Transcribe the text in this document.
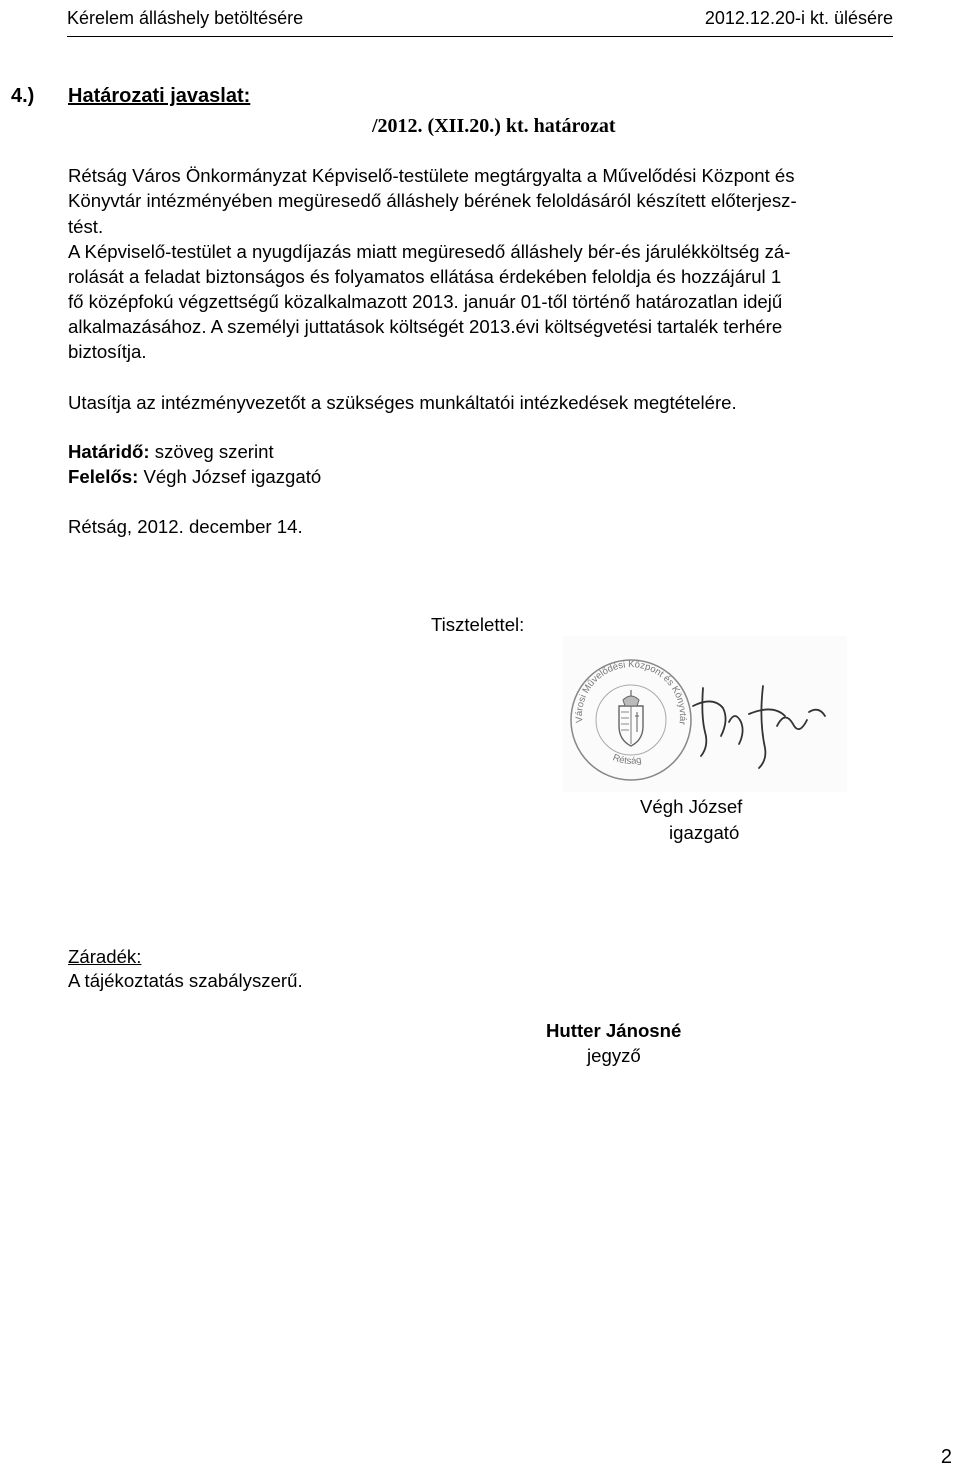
Kérelem álláshely betöltésére	2012.12.20-i kt. ülésére
4.) Határozati javaslat:
/2012. (XII.20.) kt. határozat
Rétság Város Önkormányzat Képviselő-testülete megtárgyalta a Művelődési Központ és
Könyvtár intézményében megüresedő álláshely bérének feloldásáról készített előterjesz-
tést.
A Képviselő-testület a nyugdíjazás miatt megüresedő álláshely bér-és járulékköltség zá-
rolását a feladat biztonságos és folyamatos ellátása érdekében feloldja és hozzájárul 1
fő középfokú végzettségű közalkalmazott 2013. január 01-től történő határozatlan idejű
alkalmazásához. A személyi juttatások költségét 2013.évi költségvetési tartalék terhére
biztosítja.
Utasítja az intézményvezetőt a szükséges munkáltatói intézkedések megtételére.
Határidő: szöveg szerint
Felelős: Végh József igazgató
Rétság, 2012. december 14.
Tisztelettel:
Városi Művelődési Központ és Könyvtár
Rétság
Végh József
igazgató
Záradék:
A tájékoztatás szabályszerű.
Hutter Jánosné
jegyző
2
